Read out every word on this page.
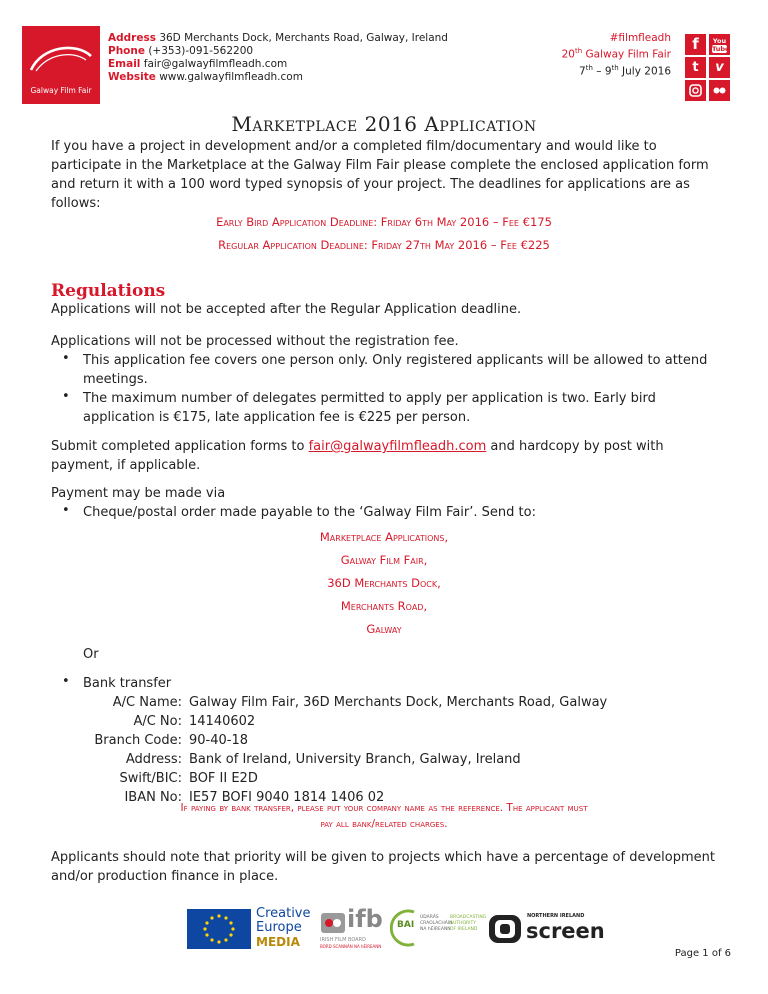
Galway Film Fair
Address 36D Merchants Dock, Merchants Road, Galway, Ireland
Phone (+353)-091-562200
Email fair@galwayfilmfleadh.com
Website www.galwayfilmfleadh.com
#filmfleadh
20th Galway Film Fair
7th – 9th July 2016
f	You
Tube
t	v
Marketplace 2016 Application
If you have a project in development and/or a completed film/documentary and would like to participate in the Marketplace at the Galway Film Fair please complete the enclosed application form and return it with a 100 word typed synopsis of your project. The deadlines for applications are as follows:
Early Bird Application Deadline: Friday 6th May 2016 – Fee €175
Regular Application Deadline: Friday 27th May 2016 – Fee €225
Regulations
Applications will not be accepted after the Regular Application deadline.
Applications will not be processed without the registration fee.
• This application fee covers one person only. Only registered applicants will be allowed to attend meetings.
• The maximum number of delegates permitted to apply per application is two. Early bird application is €175, late application fee is €225 per person.
Submit completed application forms to fair@galwayfilmfleadh.com and hardcopy by post with payment, if applicable.
Payment may be made via
• Cheque/postal order made payable to the ‘Galway Film Fair’. Send to:
Marketplace Applications,
Galway Film Fair,
36D Merchants Dock,
Merchants Road,
Galway
Or
• Bank transfer
A/C Name: Galway Film Fair, 36D Merchants Dock, Merchants Road, Galway
A/C No: 14140602
Branch Code: 90-40-18
Address: Bank of Ireland, University Branch, Galway, Ireland
Swift/BIC: BOF II E2D
IBAN No: IE57 BOFI 9040 1814 1406 02
If paying by bank transfer, please put your company name as the reference. The applicant must
pay all bank/related charges.
Applicants should note that priority will be given to projects which have a percentage of development and/or production finance in place.
Creative
Europe
MEDIA
ifb
IRISH FILM BOARD
BORD SCANNÁN NA hÉIREANN
BAI
ÚDARÁS
CRAOLACHÁIN
NA hÉIREANN
BROADCASTING
AUTHORITY
OF IRELAND
NORTHERN IRELAND
screen
Page 1 of 6
